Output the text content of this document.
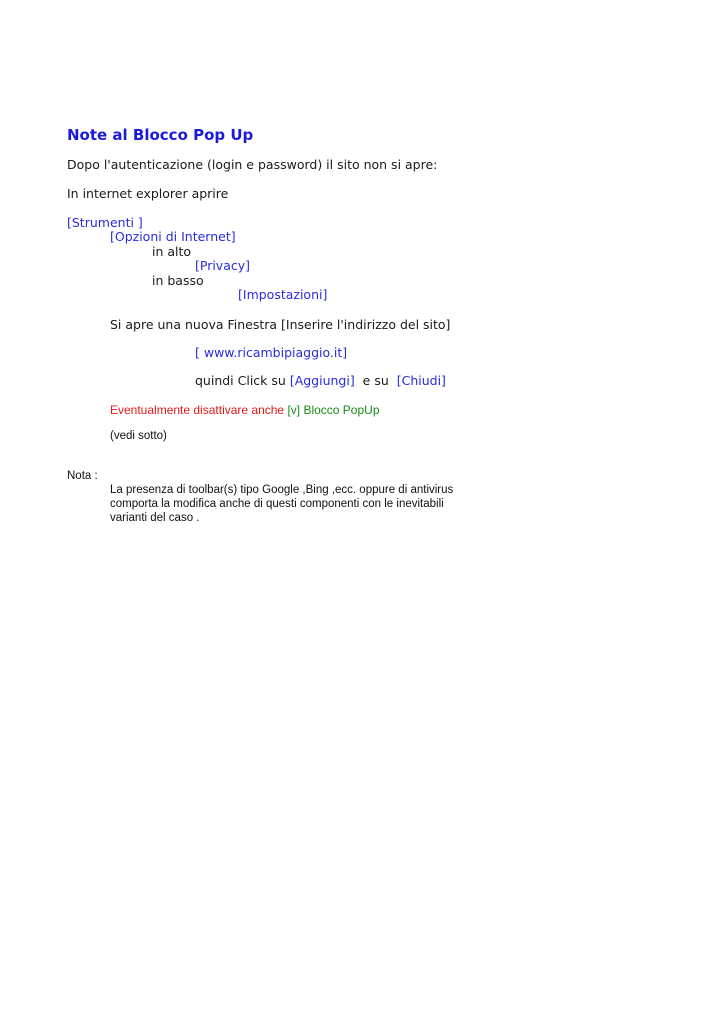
Note al Blocco Pop Up
Dopo l'autenticazione (login e password) il sito non si apre:
In internet explorer aprire
[Strumenti ]
[Opzioni di Internet]
in alto
[Privacy]
in basso
[Impostazioni]
Si apre una nuova Finestra [Inserire l'indirizzo del sito]
[ www.ricambipiaggio.it]
quindi Click su [Aggiungi]  e su  [Chiudi]
Eventualmente disattivare anche [v] Blocco PopUp
(vedi sotto)
Nota :
La presenza di toolbar(s) tipo Google ,Bing ,ecc. oppure di antivirus
comporta la modifica anche di questi componenti con le inevitabili
varianti del caso .
